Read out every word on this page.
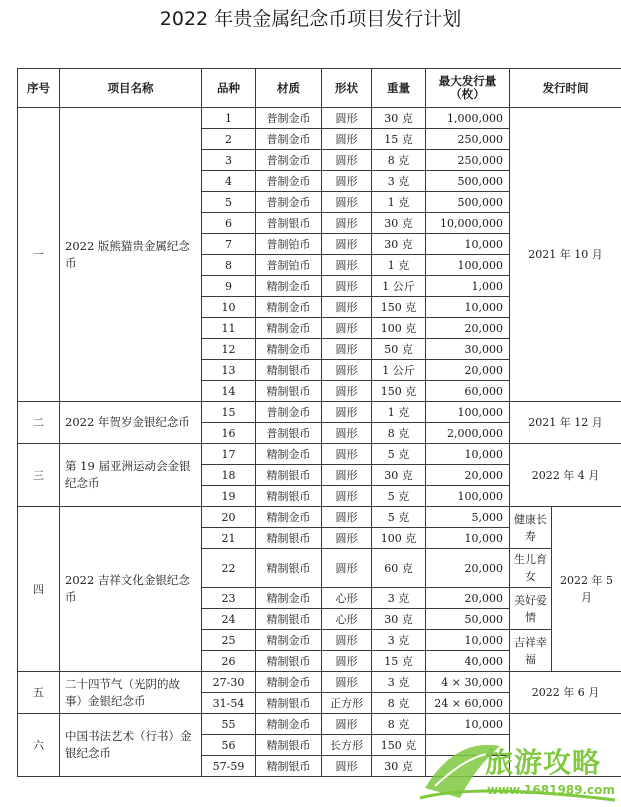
2022 年贵金属纪念币项目发行计划
序号	项目名称	品种	材质	形状	重量	最大发行量（枚）	发行时间	
一	2022 版熊猫贵金属纪念币	1	普制金币	圆形	30 克	1,000,000	2021 年 10 月	
		2	普制金币	圆形	15 克	250,000		
		3	普制金币	圆形	8 克	250,000		
		4	普制金币	圆形	3 克	500,000		
		5	普制金币	圆形	1 克	500,000		
		6	普制银币	圆形	30 克	10,000,000		
		7	普制铂币	圆形	30 克	10,000		
		8	普制铂币	圆形	1 克	100,000		
		9	精制金币	圆形	1 公斤	1,000		
		10	精制金币	圆形	150 克	10,000		
		11	精制金币	圆形	100 克	20,000		
		12	精制金币	圆形	50 克	30,000		
		13	精制银币	圆形	1 公斤	20,000		
		14	精制银币	圆形	150 克	60,000		
二	2022 年贺岁金银纪念币	15	普制金币	圆形	1 克	100,000	2021 年 12 月	
		16	普制银币	圆形	8 克	2,000,000		
三	第 19 届亚洲运动会金银纪念币	17	精制金币	圆形	5 克	10,000	2022 年 4 月	
		18	精制银币	圆形	30 克	20,000		
		19	精制银币	圆形	5 克	100,000		
四	2022 吉祥文化金银纪念币	20	精制金币	圆形	5 克	5,000	健康长寿	2022 年 5 月
		21	精制银币	圆形	100 克	10,000		
		22	精制银币	圆形	60 克	20,000	生儿育女	
		23	精制金币	心形	3 克	20,000	美好爱情	
		24	精制银币	心形	30 克	50,000		
		25	精制金币	圆形	3 克	10,000	吉祥幸福	
		26	精制银币	圆形	15 克	40,000		
五	二十四节气（光阴的故事）金银纪念币	27-30	精制金币	圆形	3 克	4 × 30,000	2022 年 6 月	
		31-54	精制银币	正方形	8 克	24 × 60,000		
六	中国书法艺术（行书）金银纪念币	55	精制金币	圆形	8 克	10,000		
		56	精制银币	长方形	150 克			
		57-59	精制银币	圆形	30 克				旅游攻略
www.1681989.com
